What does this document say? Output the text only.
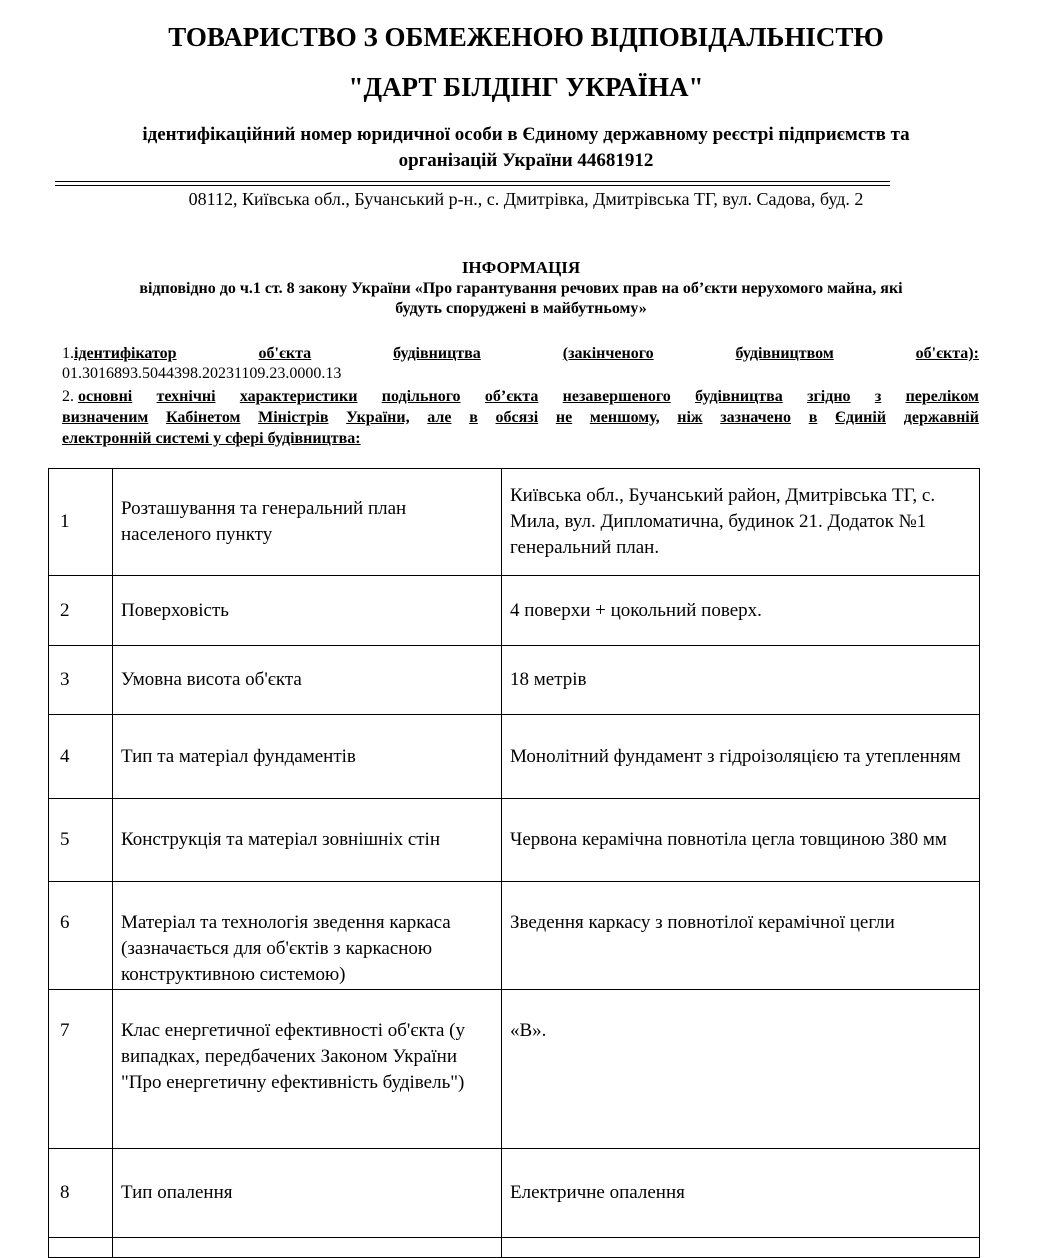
ТОВАРИСТВО З ОБМЕЖЕНОЮ ВІДПОВІДАЛЬНІСТЮ
"ДАРТ БІЛДІНГ УКРАЇНА"
ідентифікаційний номер юридичної особи в Єдиному державному реєстрі підприємств та
організацій України 44681912
08112, Київська обл., Бучанський р-н., с. Дмитрівка, Дмитрівська ТГ, вул. Садова, буд. 2
ІНФОРМАЦІЯ
відповідно до ч.1 ст. 8 закону України «Про гарантування речових прав на об’єкти нерухомого майна, які
будуть споруджені в майбутньому»
1.ідентифікатор	об'єкта	будівництва	(закінченого	будівництвом	об'єкта):
01.3016893.5044398.20231109.23.0000.13
2. основні технічні характеристики подільного об’єкта незавершеного будівництва згідно з переліком
визначеним Кабінетом Міністрів України, але в обсязі не меншому, ніж зазначено в Єдиній державній
електронній системі у сфері будівництва:
1	Розташування та генеральний план населеного пункту	Київська обл., Бучанський район, Дмитрівська ТГ, с. Мила, вул. Дипломатична, будинок 21. Додаток №1 генеральний план.
2	Поверховість	4 поверхи + цокольний поверх.
3	Умовна висота об'єкта	18 метрів
4	Тип та матеріал фундаментів	Монолітний фундамент з гідроізоляцією та утепленням
5	Конструкція та матеріал зовнішніх стін	Червона керамічна повнотіла цегла товщиною 380 мм
6	Матеріал та технологія зведення каркаса (зазначається для об'єктів з каркасною конструктивною системою)	Зведення каркасу з повнотілої керамічної цегли
7	Клас енергетичної ефективності об'єкта (у випадках, передбачених Законом України "Про енергетичну ефективність будівель")	«В».
8	Тип опалення	Електричне опалення
